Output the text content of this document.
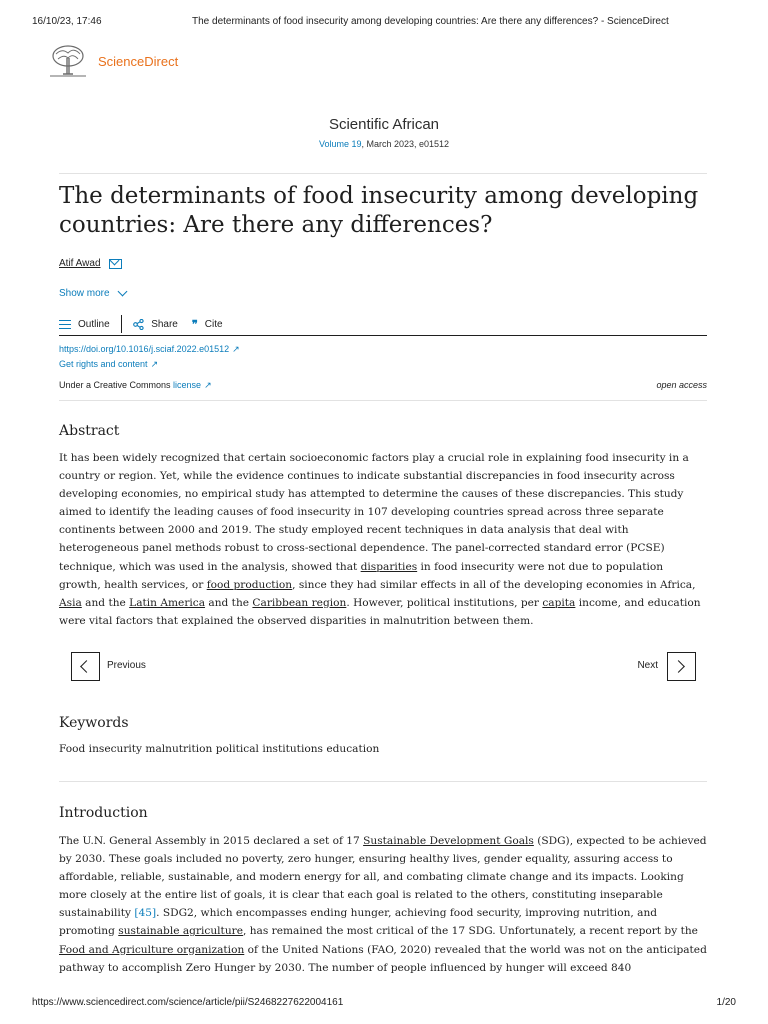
16/10/23, 17:46	The determinants of food insecurity among developing countries: Are there any differences? - ScienceDirect
ScienceDirect
Scientific African
Volume 19, March 2023, e01512
The determinants of food insecurity among developing countries: Are there any differences?
Atif Awad
Show more
Outline	Share ❞ Cite
https://doi.org/10.1016/j.sciaf.2022.e01512 ↗
Get rights and content ↗
Under a Creative Commons license ↗	open access
Abstract
It has been widely recognized that certain socioeconomic factors play a crucial role in explaining food insecurity in a country or region. Yet, while the evidence continues to indicate substantial discrepancies in food insecurity across developing economies, no empirical study has attempted to determine the causes of these discrepancies. This study aimed to identify the leading causes of food insecurity in 107 developing countries spread across three separate continents between 2000 and 2019. The study employed recent techniques in data analysis that deal with heterogeneous panel methods robust to cross-sectional dependence. The panel-corrected standard error (PCSE) technique, which was used in the analysis, showed that disparities in food insecurity were not due to population growth, health services, or food production, since they had similar effects in all of the developing economies in Africa, Asia and the Latin America and the Caribbean region. However, political institutions, per capita income, and education were vital factors that explained the observed disparities in malnutrition between them.
Previous	Next
Keywords
Food insecurity malnutrition political institutions education
Introduction
The U.N. General Assembly in 2015 declared a set of 17 Sustainable Development Goals (SDG), expected to be achieved by 2030. These goals included no poverty, zero hunger, ensuring healthy lives, gender equality, assuring access to affordable, reliable, sustainable, and modern energy for all, and combating climate change and its impacts. Looking more closely at the entire list of goals, it is clear that each goal is related to the others, constituting inseparable sustainability [45]. SDG2, which encompasses ending hunger, achieving food security, improving nutrition, and promoting sustainable agriculture, has remained the most critical of the 17 SDG. Unfortunately, a recent report by the Food and Agriculture organization of the United Nations (FAO, 2020) revealed that the world was not on the anticipated pathway to accomplish Zero Hunger by 2030. The number of people influenced by hunger will exceed 840
https://www.sciencedirect.com/science/article/pii/S2468227622004161	1/20
